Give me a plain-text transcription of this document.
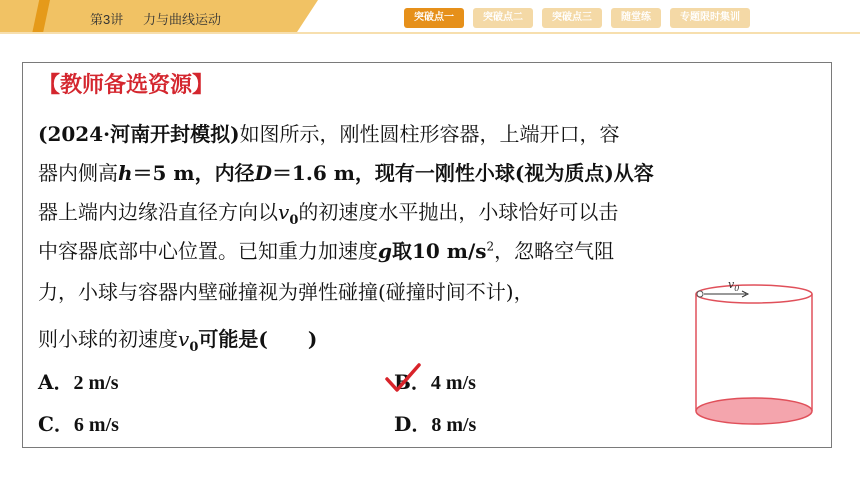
第3讲 力与曲线运动	突破点一	突破点二	突破点三	随堂练	专题限时集训
【教师备选资源】
(2024·河南开封模拟)如图所示，刚性圆柱形容器，上端开口，容
器内侧高h＝5 m，内径D＝1.6 m，现有一刚性小球(视为质点)从容
器上端内边缘沿直径方向以$v_0$的初速度水平抛出，小球恰好可以击
中容器底部中心位置。已知重力加速度g取10 $m/s^2$，忽略空气阻
力，小球与容器内壁碰撞视为弹性碰撞(碰撞时间不计)，
则小球的初速度$v_0$可能是(　　)
A．2 m/s	B．4 m/s
C．6 m/s	D．8 m/s
$v_0$
